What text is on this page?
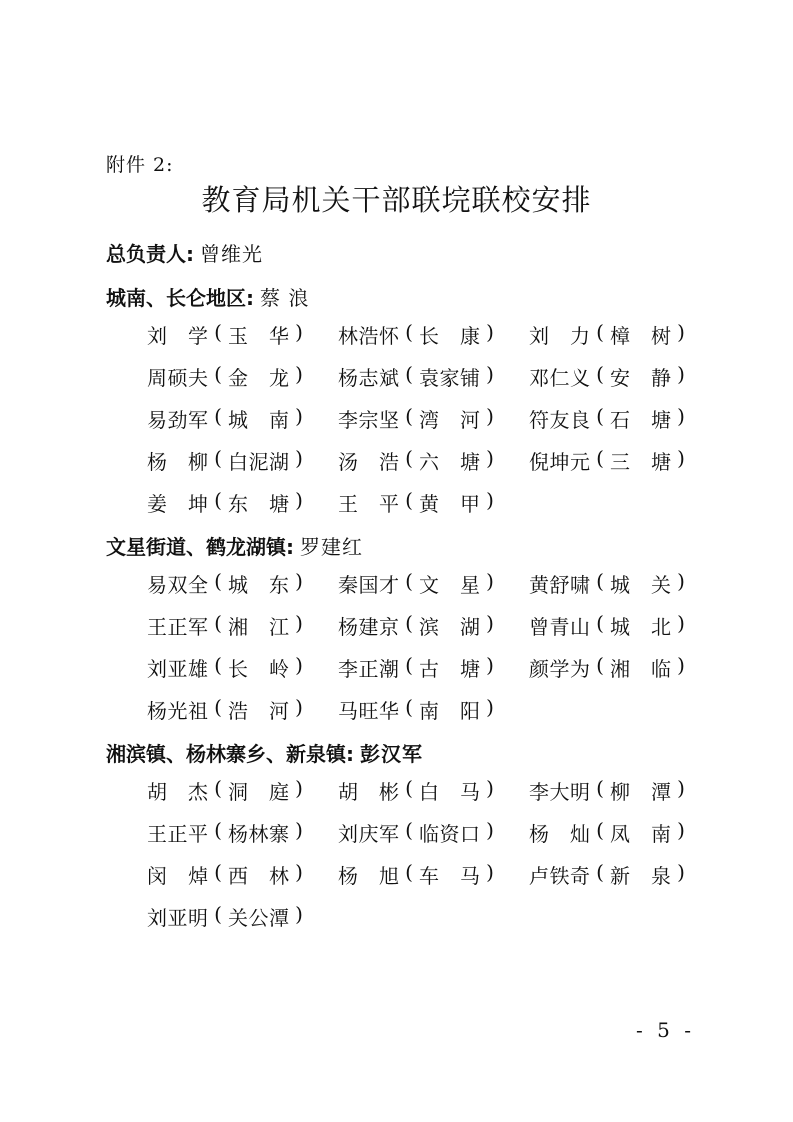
附件 2:
教育局机关干部联垸联校安排
总负责人: 曾维光
城南、长仑地区: 蔡 浪
刘 学 ( 玉 华 )	林 浩 怀 ( 长 康 )	刘 力 ( 樟 树 )
周 硕 夫 ( 金 龙 )	杨 志 斌 ( 袁 家 铺 )	邓 仁 义 ( 安 静 )
易 劲 军 ( 城 南 )	李 宗 坚 ( 湾 河 )	符 友 良 ( 石 塘 )
杨 柳 ( 白 泥 湖 )	汤 浩 ( 六 塘 )	倪 坤 元 ( 三 塘 )
姜 坤 ( 东 塘 )	王 平 ( 黄 甲 )
文星街道、鹤龙湖镇: 罗建红
易 双 全 ( 城 东 )	秦 国 才 ( 文 星 )	黄 舒 啸 ( 城 关 )
王 正 军 ( 湘 江 )	杨 建 京 ( 滨 湖 )	曾 青 山 ( 城 北 )
刘 亚 雄 ( 长 岭 )	李 正 潮 ( 古 塘 )	颜 学 为 ( 湘 临 )
杨 光 祖 ( 浩 河 )	马 旺 华 ( 南 阳 )
湘滨镇、杨林寨乡、新泉镇: 彭汉军
胡 杰 ( 洞 庭 )	胡 彬 ( 白 马 )	李 大 明 ( 柳 潭 )
王 正 平 ( 杨 林 寨 )	刘 庆 军 ( 临 资 口 )	杨 灿 ( 凤 南 )
闵 焯 ( 西 林 )	杨 旭 ( 车 马 )	卢 铁 奇 ( 新 泉 )
刘 亚 明 ( 关 公 潭 )
- 5 -
